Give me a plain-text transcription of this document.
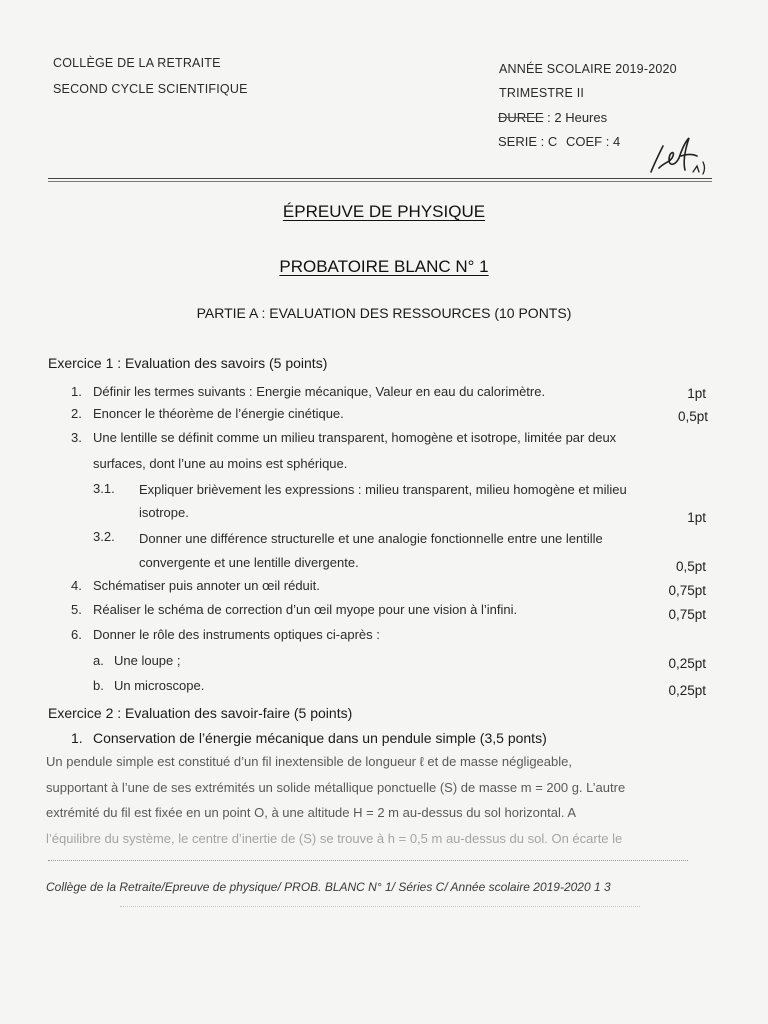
COLLÈGE DE LA RETRAITE
SECOND CYCLE SCIENTIFIQUE
ANNÉE SCOLAIRE 2019-2020
TRIMESTRE II
DUREE : 2 Heures
SERIE : C COEF : 4
ÉPREUVE DE PHYSIQUE
PROBATOIRE BLANC N° 1
PARTIE A : EVALUATION DES RESSOURCES (10 PONTS)
Exercice 1 : Evaluation des savoirs (5 points)
1. Définir les termes suivants : Energie mécanique, Valeur en eau du calorimètre.	1pt
2. Enoncer le théorème de l’énergie cinétique.	0,5pt
3. Une lentille se définit comme un milieu transparent, homogène et isotrope, limitée par deux
surfaces, dont l’une au moins est sphérique.
3.1. Expliquer brièvement les expressions : milieu transparent, milieu homogène et milieu
isotrope.	1pt
3.2. Donner une différence structurelle et une analogie fonctionnelle entre une lentille
convergente et une lentille divergente.	0,5pt
4. Schématiser puis annoter un œil réduit.	0,75pt
5. Réaliser le schéma de correction d’un œil myope pour une vision à l’infini.	0,75pt
6. Donner le rôle des instruments optiques ci-après :
a. Une loupe ;	0,25pt
b. Un microscope.	0,25pt
Exercice 2 : Evaluation des savoir-faire (5 points)
1. Conservation de l’énergie mécanique dans un pendule simple (3,5 ponts)
Un pendule simple est constitué d’un fil inextensible de longueur ℓ et de masse négligeable,
supportant à l’une de ses extrémités un solide métallique ponctuelle (S) de masse m = 200 g. L’autre
extrémité du fil est fixée en un point O, à une altitude H = 2 m au-dessus du sol horizontal. A
l’équilibre du système, le centre d’inertie de (S) se trouve à h = 0,5 m au-dessus du sol. On écarte le
Collège de la Retraite/Epreuve de physique/ PROB. BLANC N° 1/ Séries C/ Année scolaire 2019-2020 1 3
